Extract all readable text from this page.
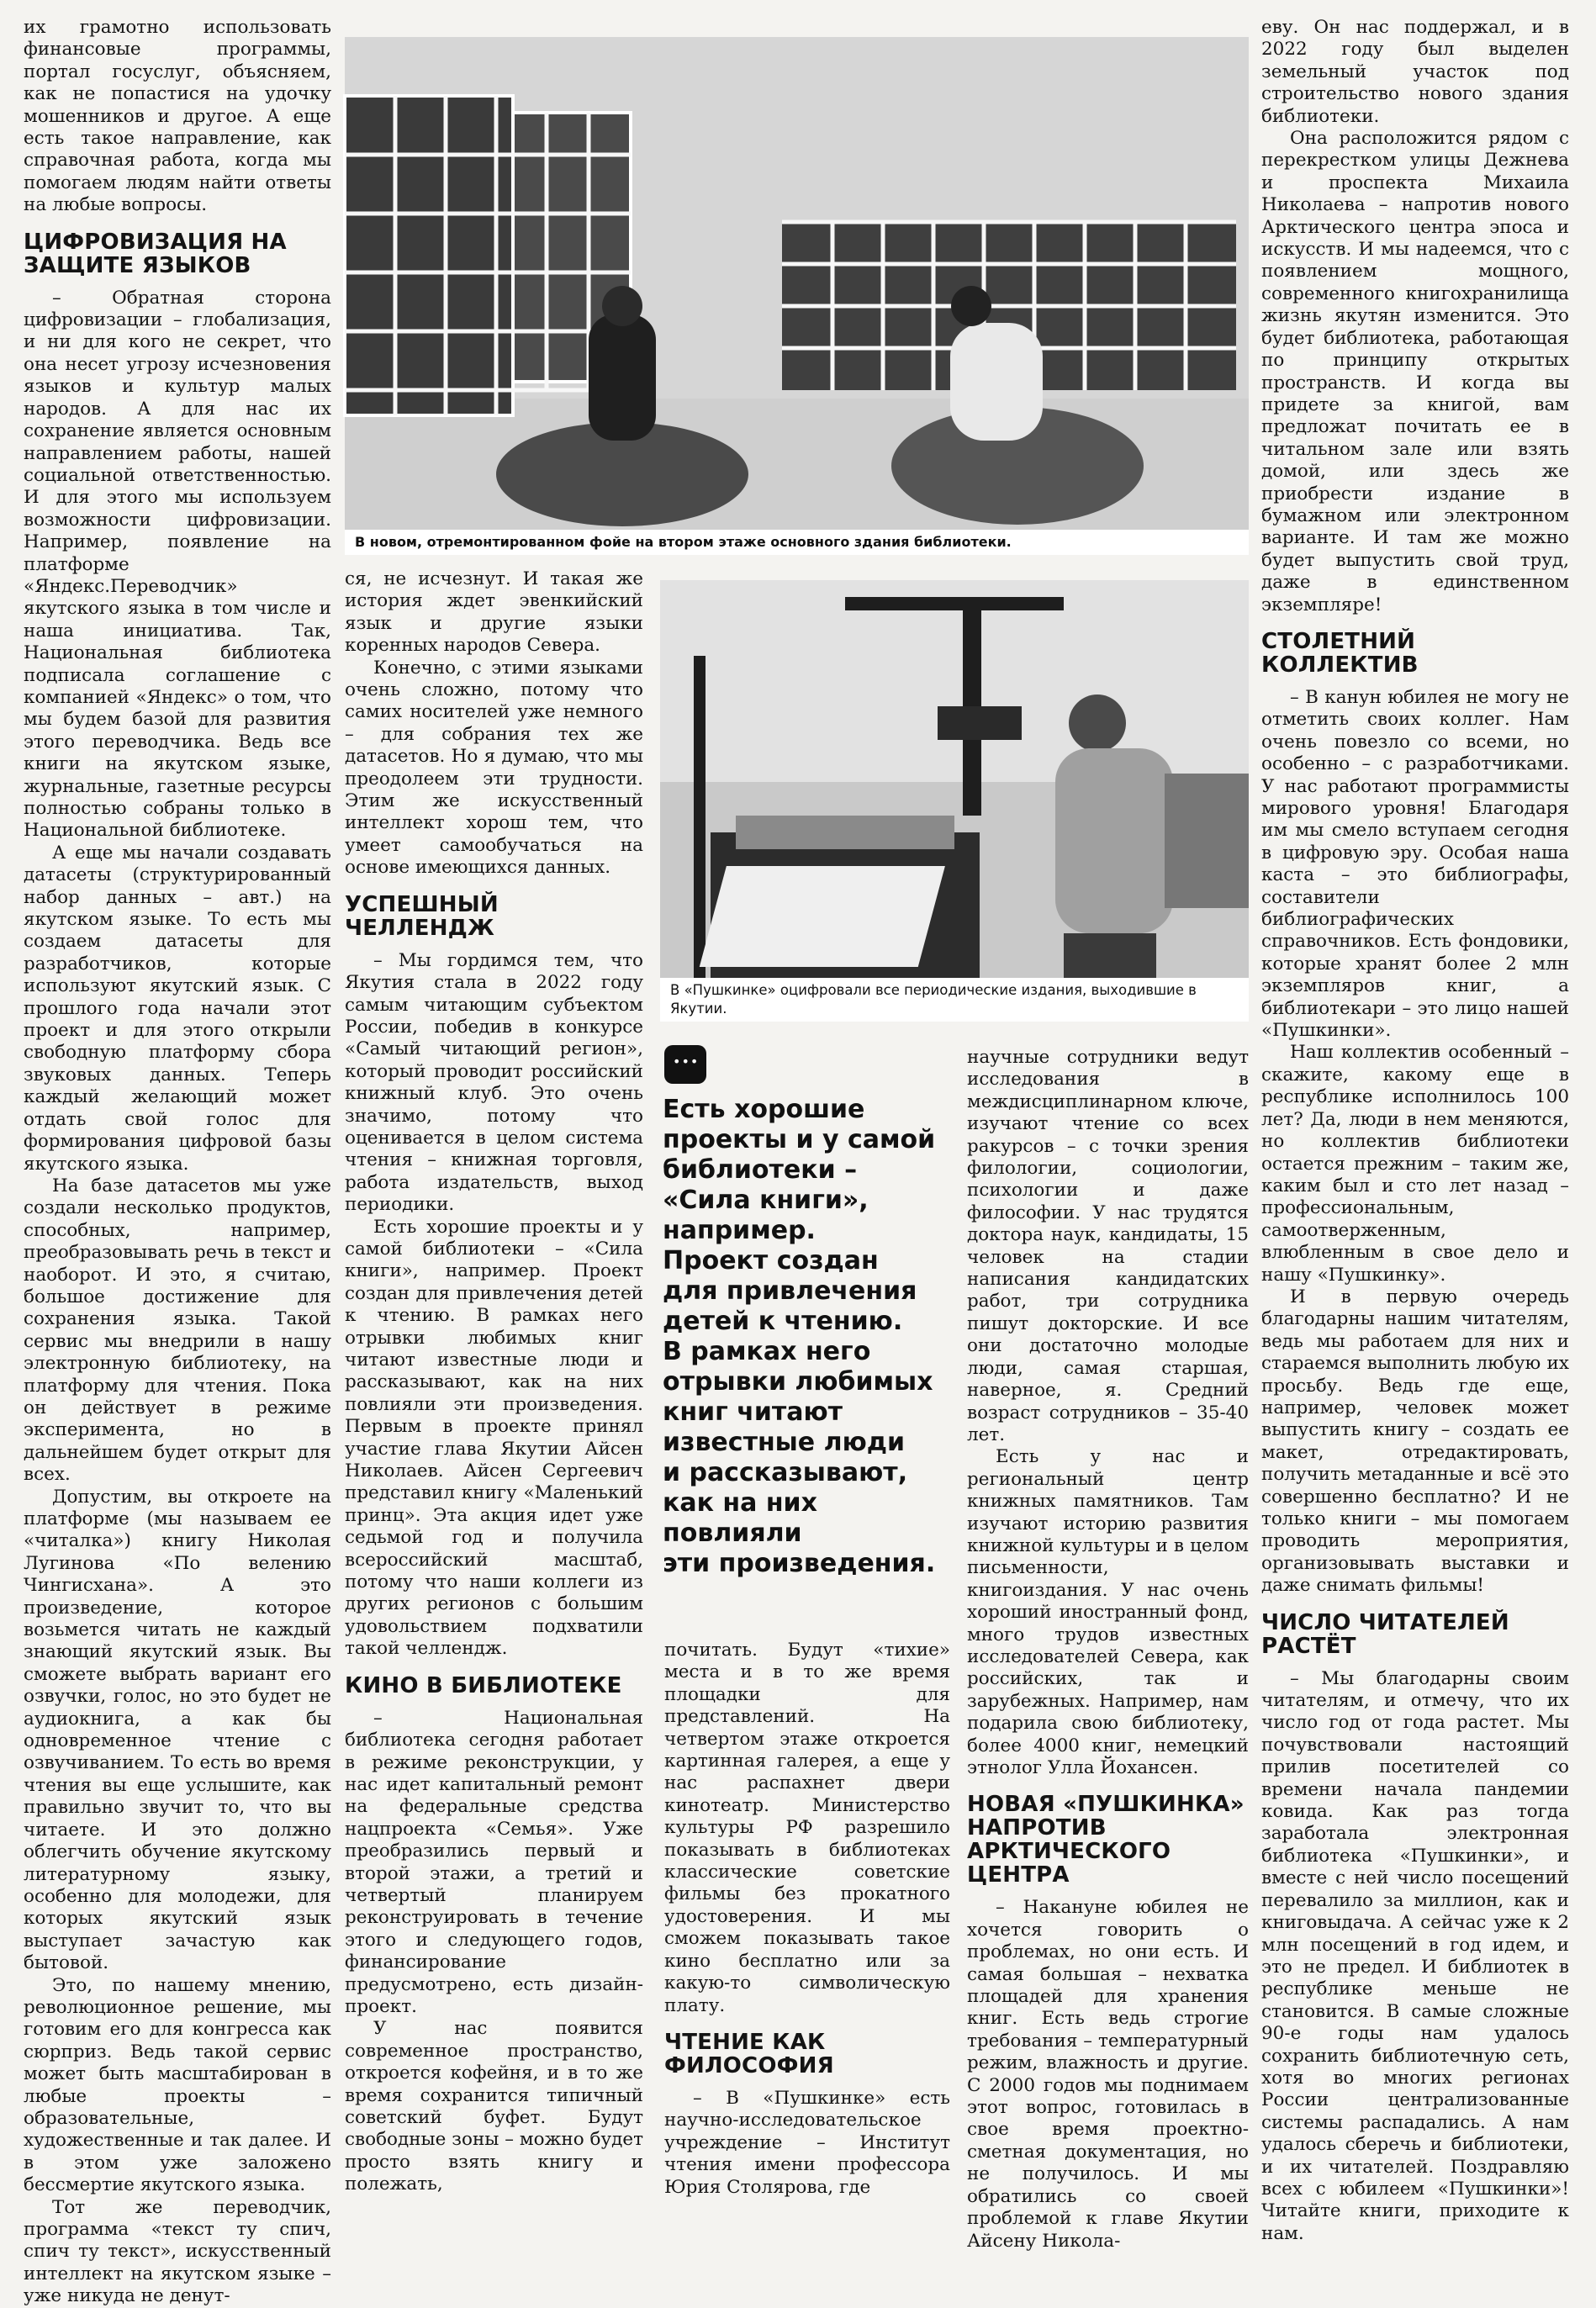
их грамотно использовать финансовые программы, портал госуслуг, объясняем, как не попастися на удочку мошенников и другое. А еще есть такое направление, как справочная работа, когда мы помогаем людям найти ответы на любые вопросы.

ЦИФРОВИЗАЦИЯ НА ЗАЩИТЕ ЯЗЫКОВ

– Обратная сторона цифровизации – глобализация, и ни для кого не секрет, что она несет угрозу исчезновения языков и культур малых народов. А для нас их сохранение является основным направлением работы, нашей социальной ответственностью. И для этого мы используем возможности цифровизации. Например, появление на платформе «Яндекс.Переводчик» якутского языка в том числе и наша инициатива. Так, Национальная библиотека подписала соглашение с компанией «Яндекс» о том, что мы будем базой для развития этого переводчика. Ведь все книги на якутском языке, журнальные, газетные ресурсы полностью собраны только в Национальной библиотеке.

А еще мы начали создавать датасеты (структурированный набор данных – авт.) на якутском языке. То есть мы создаем датасеты для разработчиков, которые используют якутский язык. С прошлого года начали этот проект и для этого открыли свободную платформу сбора звуковых данных. Теперь каждый желающий может отдать свой голос для формирования цифровой базы якутского языка.

На базе датасетов мы уже создали несколько продуктов, способных, например, преобразовывать речь в текст и наоборот. И это, я считаю, большое достижение для сохранения языка. Такой сервис мы внедрили в нашу электронную библиотеку, на платформу для чтения. Пока он действует в режиме эксперимента, но в дальнейшем будет открыт для всех.

Допустим, вы откроете на платформе (мы называем ее «читалка») книгу Николая Лугинова «По велению Чингисхана». А это произведение, которое возьмется читать не каждый знающий якутский язык. Вы сможете выбрать вариант его озвучки, голос, но это будет не аудиокнига, а как бы одновременное чтение с озвучиванием. То есть во время чтения вы еще услышите, как правильно звучит то, что вы читаете. И это должно облегчить обучение якутскому литературному языку, особенно для молодежи, для которых якутский язык выступает зачастую как бытовой.

Это, по нашему мнению, революционное решение, мы готовим его для конгресса как сюрприз. Ведь такой сервис может быть масштабирован в любые проекты – образовательные, художественные и так далее. И в этом уже заложено бессмертие якутского языка.

Тот же переводчик, программа «текст ту спич, спич ту текст», искусственный интеллект на якутском языке – уже никуда не денут-

В новом, отремонтированном фойе на втором этаже основного здания библиотеки.

еву. Он нас поддержал, и в 2022 году был выделен земельный участок под строительство нового здания библиотеки.

Она расположится рядом с перекрестком улицы Дежнева и проспекта Михаила Николаева – напротив нового Арктического центра эпоса и искусств. И мы надеемся, что с появлением мощного, современного книгохранилища жизнь якутян изменится. Это будет библиотека, работающая по принципу открытых пространств. И когда вы придете за книгой, вам предложат почитать ее в читальном зале или взять домой, или здесь же приобрести издание в бумажном или электронном варианте. И там же можно будет выпустить свой труд, даже в единственном экземпляре!

СТОЛЕТНИЙ КОЛЛЕКТИВ

– В канун юбилея не могу не отметить своих коллег. Нам очень повезло со всеми, но особенно – с разработчиками. У нас работают программисты мирового уровня! Благодаря им мы смело вступаем сегодня в цифровую эру. Особая наша каста – это библиографы, составители библиографических справочников. Есть фондовики, которые хранят более 2 млн экземпляров книг, а библиотекари – это лицо нашей «Пушкинки».

Наш коллектив особенный – скажите, какому еще в республике исполнилось 100 лет? Да, люди в нем меняются, но коллектив библиотеки остается прежним – таким же, каким был и сто лет назад – профессиональным, самоотверженным, влюбленным в свое дело и нашу «Пушкинку».

И в первую очередь благодарны нашим читателям, ведь мы работаем для них и стараемся выполнить любую их просьбу. Ведь где еще, например, человек может выпустить книгу – создать ее макет, отредактировать, получить метаданные и всё это совершенно бесплатно? И не только книги – мы помогаем проводить мероприятия, организовывать выставки и даже снимать фильмы!

ЧИСЛО ЧИТАТЕЛЕЙ РАСТЁТ

– Мы благодарны своим читателям, и отмечу, что их число год от года растет. Мы почувствовали настоящий прилив посетителей со времени начала пандемии ковида. Как раз тогда заработала электронная библиотека «Пушкинки», и вместе с ней число посещений перевалило за миллион, как и книговыдача. А сейчас уже к 2 млн посещений в год идем, и это не предел. И библиотек в республике меньше не становится. В самые сложные 90-е годы нам удалось сохранить библиотечную сеть, хотя во многих регионах России централизованные системы распадались. А нам удалось сберечь и библиотеки, и их читателей. Поздравляю всех с юбилеем «Пушкинки»! Читайте книги, приходите к нам.

ся, не исчезнут. И такая же история ждет эвенкийский язык и другие языки коренных народов Севера.

Конечно, с этими языками очень сложно, потому что самих носителей уже немного – для собрания тех же датасетов. Но я думаю, что мы преодолеем эти трудности. Этим же искусственный интеллект хорош тем, что умеет самообучаться на основе имеющихся данных.

УСПЕШНЫЙ ЧЕЛЛЕНДЖ

– Мы гордимся тем, что Якутия стала в 2022 году самым читающим субъектом России, победив в конкурсе «Самый читающий регион», который проводит российский книжный клуб. Это очень значимо, потому что оценивается в целом система чтения – книжная торговля, работа издательств, выход периодики.

Есть хорошие проекты и у самой библиотеки – «Сила книги», например. Проект создан для привлечения детей к чтению. В рамках него отрывки любимых книг читают известные люди и рассказывают, как на них повлияли эти произведения. Первым в проекте принял участие глава Якутии Айсен Николаев. Айсен Сергеевич представил книгу «Маленький принц». Эта акция идет уже седьмой год и получила всероссийский масштаб, потому что наши коллеги из других регионов с большим удовольствием подхватили такой челлендж.

КИНО В БИБЛИОТЕКЕ

– Национальная библиотека сегодня работает в режиме реконструкции, у нас идет капитальный ремонт на федеральные средства нацпроекта «Семья». Уже преобразились первый и второй этажи, а третий и четвертый планируем реконструировать в течение этого и следующего годов, финансирование предусмотрено, есть дизайн-проект.

У нас появится современное пространство, откроется кофейня, и в то же время сохранится типичный советский буфет. Будут свободные зоны – можно будет просто взять книгу и полежать,

В «Пушкинке» оцифровали все периодические издания, выходившие в Якутии.
•••
Есть хорошие
проекты и у самой
библиотеки –
«Сила книги»,
например.
Проект создан
для привлечения
детей к чтению.
В рамках него
отрывки любимых
книг читают
известные люди
и рассказывают,
как на них
повлияли
эти произведения.

почитать. Будут «тихие» места и в то же время площадки для представлений. На четвертом этаже откроется картинная галерея, а еще у нас распахнет двери кинотеатр. Министерство культуры РФ разрешило показывать в библиотеках классические советские фильмы без прокатного удостоверения. И мы сможем показывать такое кино бесплатно или за какую-то символическую плату.

ЧТЕНИЕ КАК ФИЛОСОФИЯ

– В «Пушкинке» есть научно-исследовательское учреждение – Институт чтения имени профессора Юрия Столярова, где

научные сотрудники ведут исследования в междисциплинарном ключе, изучают чтение со всех ракурсов – с точки зрения филологии, социологии, психологии и даже философии. У нас трудятся доктора наук, кандидаты, 15 человек на стадии написания кандидатских работ, три сотрудника пишут докторские. И все они достаточно молодые люди, самая старшая, наверное, я. Средний возраст сотрудников – 35-40 лет.

Есть у нас и региональный центр книжных памятников. Там изучают историю развития книжной культуры и в целом письменности, книгоиздания. У нас очень хороший иностранный фонд, много трудов известных исследователей Севера, как российских, так и зарубежных. Например, нам подарила свою библиотеку, более 4000 книг, немецкий этнолог Улла Йохансен.

НОВАЯ «ПУШКИНКА» НАПРОТИВ АРКТИЧЕСКОГО ЦЕНТРА

– Накануне юбилея не хочется говорить о проблемах, но они есть. И самая большая – нехватка площадей для хранения книг. Есть ведь строгие требования – температурный режим, влажность и другие. С 2000 годов мы поднимаем этот вопрос, готовилась в свое время проектно-сметная документация, но не получилось. И мы обратились со своей проблемой к главе Якутии Айсену Никола-
